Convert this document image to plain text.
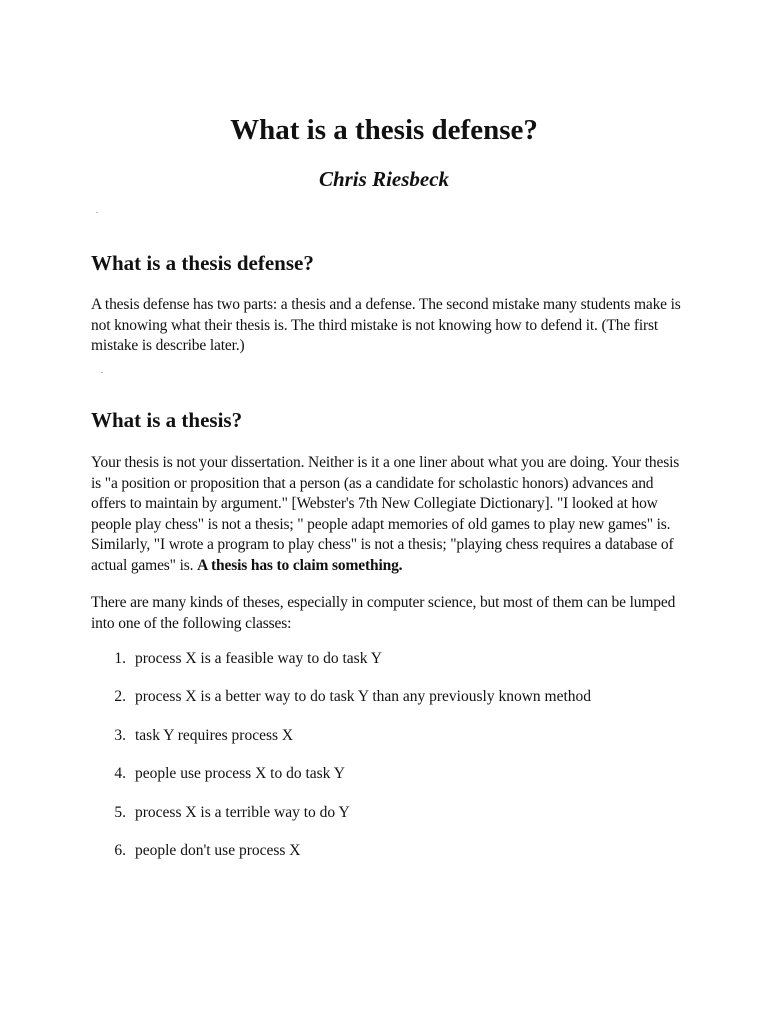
What is a thesis defense?
Chris Riesbeck
What is a thesis defense?

A thesis defense has two parts: a thesis and a defense. The second mistake many students make is not knowing what their thesis is. The third mistake is not knowing how to defend it. (The first mistake is describe later.)

What is a thesis?

Your thesis is not your dissertation. Neither is it a one liner about what you are doing. Your thesis is "a position or proposition that a person (as a candidate for scholastic honors) advances and offers to maintain by argument." [Webster's 7th New Collegiate Dictionary]. "I looked at how people play chess" is not a thesis; " people adapt memories of old games to play new games" is. Similarly, "I wrote a program to play chess" is not a thesis; "playing chess requires a database of actual games" is. A thesis has to claim something.

There are many kinds of theses, especially in computer science, but most of them can be lumped into one of the following classes:

1. process X is a feasible way to do task Y
2. process X is a better way to do task Y than any previously known method
3. task Y requires process X
4. people use process X to do task Y
5. process X is a terrible way to do Y
6. people don't use process X
